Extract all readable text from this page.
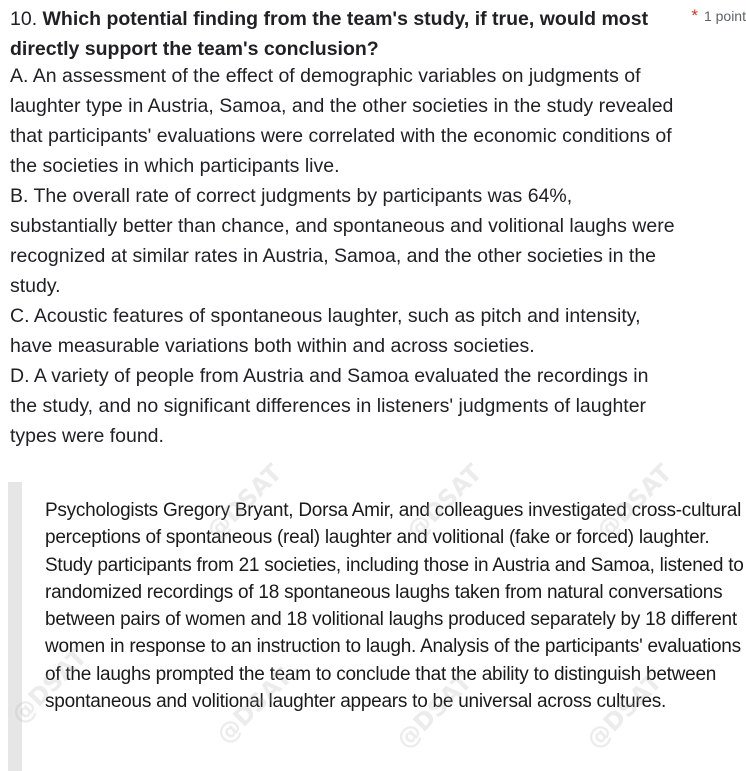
10. Which potential finding from the team's study, if true, would most directly support the team's conclusion?
* 1 point

A. An assessment of the effect of demographic variables on judgments of laughter type in Austria, Samoa, and the other societies in the study revealed that participants' evaluations were correlated with the economic conditions of the societies in which participants live.

B. The overall rate of correct judgments by participants was 64%, substantially better than chance, and spontaneous and volitional laughs were recognized at similar rates in Austria, Samoa, and the other societies in the study.

C. Acoustic features of spontaneous laughter, such as pitch and intensity, have measurable variations both within and across societies.

D. A variety of people from Austria and Samoa evaluated the recordings in the study, and no significant differences in listeners' judgments of laughter types were found.

Psychologists Gregory Bryant, Dorsa Amir, and colleagues investigated cross-cultural perceptions of spontaneous (real) laughter and volitional (fake or forced) laughter. Study participants from 21 societies, including those in Austria and Samoa, listened to randomized recordings of 18 spontaneous laughs taken from natural conversations between pairs of women and 18 volitional laughs produced separately by 18 different women in response to an instruction to laugh. Analysis of the participants' evaluations of the laughs prompted the team to conclude that the ability to distinguish between spontaneous and volitional laughter appears to be universal across cultures.
@DSAT	@DSAT	@DSAT
@DSAT	@DSAT	@DSAT	@DSAT
